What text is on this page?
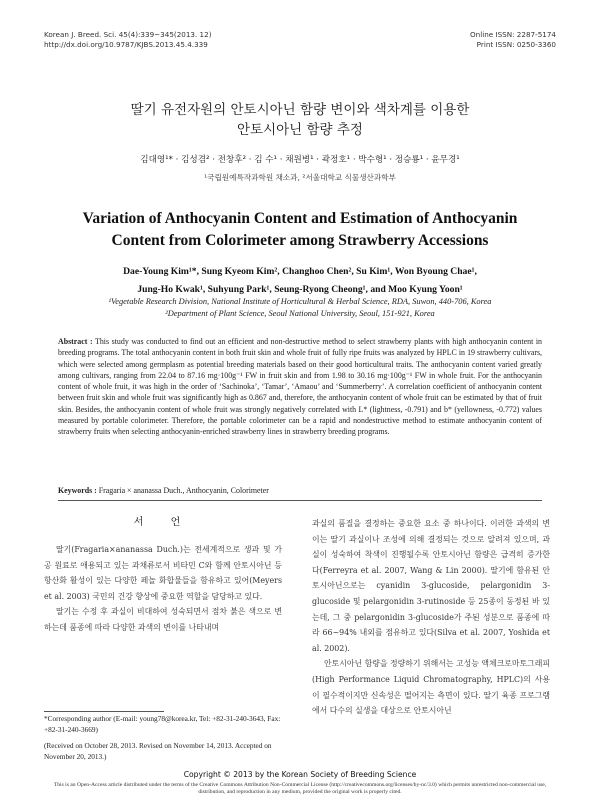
Korean J. Breed. Sci. 45(4):339~345(2013. 12)
http://dx.doi.org/10.9787/KJBS.2013.45.4.339
Online ISSN: 2287-5174
Print ISSN: 0250-3360
딸기 유전자원의 안토시아닌 함량 변이와 색차계를 이용한
안토시아닌 함량 추정
김대영¹* · 김성겸² · 전창후² · 김 수¹ · 채원병¹ · 곽정호¹ · 박수형¹ · 정승룡¹ · 윤무경¹
¹국립원예특작과학원 채소과, ²서울대학교 식물생산과학부
Variation of Anthocyanin Content and Estimation of Anthocyanin
Content from Colorimeter among Strawberry Accessions
Dae-Young Kim¹*, Sung Kyeom Kim², Changhoo Chen², Su Kim¹, Won Byoung Chae¹,
Jung-Ho Kwak¹, Suhyung Park¹, Seung-Ryong Cheong¹, and Moo Kyung Yoon¹
¹Vegetable Research Division, National Institute of Horticultural & Herbal Science, RDA, Suwon, 440-706, Korea
²Department of Plant Science, Seoul National University, Seoul, 151-921, Korea
Abstract : This study was conducted to find out an efficient and non-destructive method to select strawberry plants with high anthocyanin content in breeding programs. The total anthocyanin content in both fruit skin and whole fruit of fully ripe fruits was analyzed by HPLC in 19 strawberry cultivars, which were selected among germplasm as potential breeding materials based on their good horticultural traits. The anthocyanin content varied greatly among cultivars, ranging from 22.04 to 87.16 mg·100g⁻¹ FW in fruit skin and from 1.98 to 30.16 mg·100g⁻¹ FW in whole fruit. For the anthocyanin content of whole fruit, it was high in the order of ‘Sachinoka’, ‘Tamar’, ‘Amaou’ and ‘Summerberry’. A correlation coefficient of anthocyanin content between fruit skin and whole fruit was significantly high as 0.867 and, therefore, the anthocyanin content of whole fruit can be estimated by that of fruit skin. Besides, the anthocyanin content of whole fruit was strongly negatively correlated with L* (lightness, -0.791) and b* (yellowness, -0.772) values measured by portable colorimeter. Therefore, the portable colorimeter can be a rapid and nondestructive method to estimate anthocyanin content of strawberry fruits when selecting anthocyanin-enriched strawberry lines in strawberry breeding programs.
Keywords : Fragaria × ananassa Duch., Anthocyanin, Colorimeter
서 언

딸기(Fragaria×ananassa Duch.)는 전세계적으로 생과 및 가공 원료로 애용되고 있는 과채류로서 비타민 C와 함께 안토시아닌 등 항산화 활성이 있는 다양한 페놀 화합물들을 함유하고 있어(Meyers et al. 2003) 국민의 건강 향상에 중요한 역할을 담당하고 있다.

딸기는 수정 후 과실이 비대하여 성숙되면서 점차 붉은 색으로 변하는데 품종에 따라 다양한 과색의 변이를 나타내며

과실의 품질을 결정하는 중요한 요소 중 하나이다. 이러한 과색의 변이는 딸기 과실이나 조성에 의해 결정되는 것으로 알려져 있으며, 과실이 성숙하여 착색이 진행될수록 안토시아닌 함량은 급격히 증가한다(Ferreyra et al. 2007, Wang & Lin 2000). 딸기에 함유된 안토시아닌으로는 cyanidin 3-glucoside, pelargonidin 3-glucoside 및 pelargonidin 3-rutinoside 등 25종이 동정된 바 있는데, 그 중 pelargonidin 3-glucoside가 주된 성분으로 품종에 따라 66~94% 내외를 점유하고 있다(Silva et al. 2007, Yoshida et al. 2002).

안토시아닌 함량을 정량하기 위해서는 고성능 액체크로마토그래피(High Performance Liquid Chromatography, HPLC)의 사용이 필수적이지만 신속성은 떨어지는 측면이 있다. 딸기 육종 프로그램에서 다수의 실생을 대상으로 안토시아닌

*Corresponding author (E-mail: young78@korea.kr, Tel: +82-31-240-3643, Fax: +82-31-240-3669)
(Received on October 28, 2013. Revised on November 14, 2013. Accepted on November 20, 2013.)
Copyright © 2013 by the Korean Society of Breeding Science
This is an Open-Access article distributed under the terms of the Creative Commons Attribution Non-Commercial License (http://creativecommons.org/licenses/by-nc/3.0) which permits unrestricted non-commercial use, distribution, and reproduction in any medium, provided the original work is properly cited.
